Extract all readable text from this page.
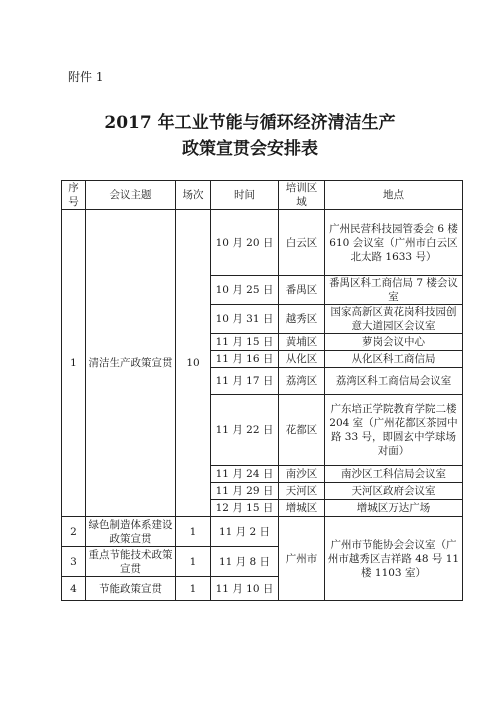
附件 1
2017 年工业节能与循环经济清洁生产
政策宣贯会安排表
序号	会议主题	场次	时间	培训区域	地点
1	清洁生产政策宣贯	10	10 月 20 日	白云区	广州民营科技园管委会 6 楼 610 会议室（广州市白云区北太路 1633 号）
			10 月 25 日	番禺区	番禺区科工商信局 7 楼会议室
			10 月 31 日	越秀区	国家高新区黄花岗科技园创意大道园区会议室
			11 月 15 日	黄埔区	萝岗会议中心
			11 月 16 日	从化区	从化区科工商信局
			11 月 17 日	荔湾区	荔湾区科工商信局会议室
			11 月 22 日	花都区	广东培正学院教育学院二楼 204 室（广州花都区茶园中路 33 号，即圆玄中学球场对面）
			11 月 24 日	南沙区	南沙区工科信局会议室
			11 月 29 日	天河区	天河区政府会议室
			12 月 15 日	增城区	增城区万达广场
2	绿色制造体系建设政策宣贯	1	11 月 2 日	广州市	广州市节能协会会议室（广州市越秀区吉祥路 48 号 11 楼 1103 室）
3	重点节能技术政策宣贯	1	11 月 8 日		
4	节能政策宣贯	1	11 月 10 日		
